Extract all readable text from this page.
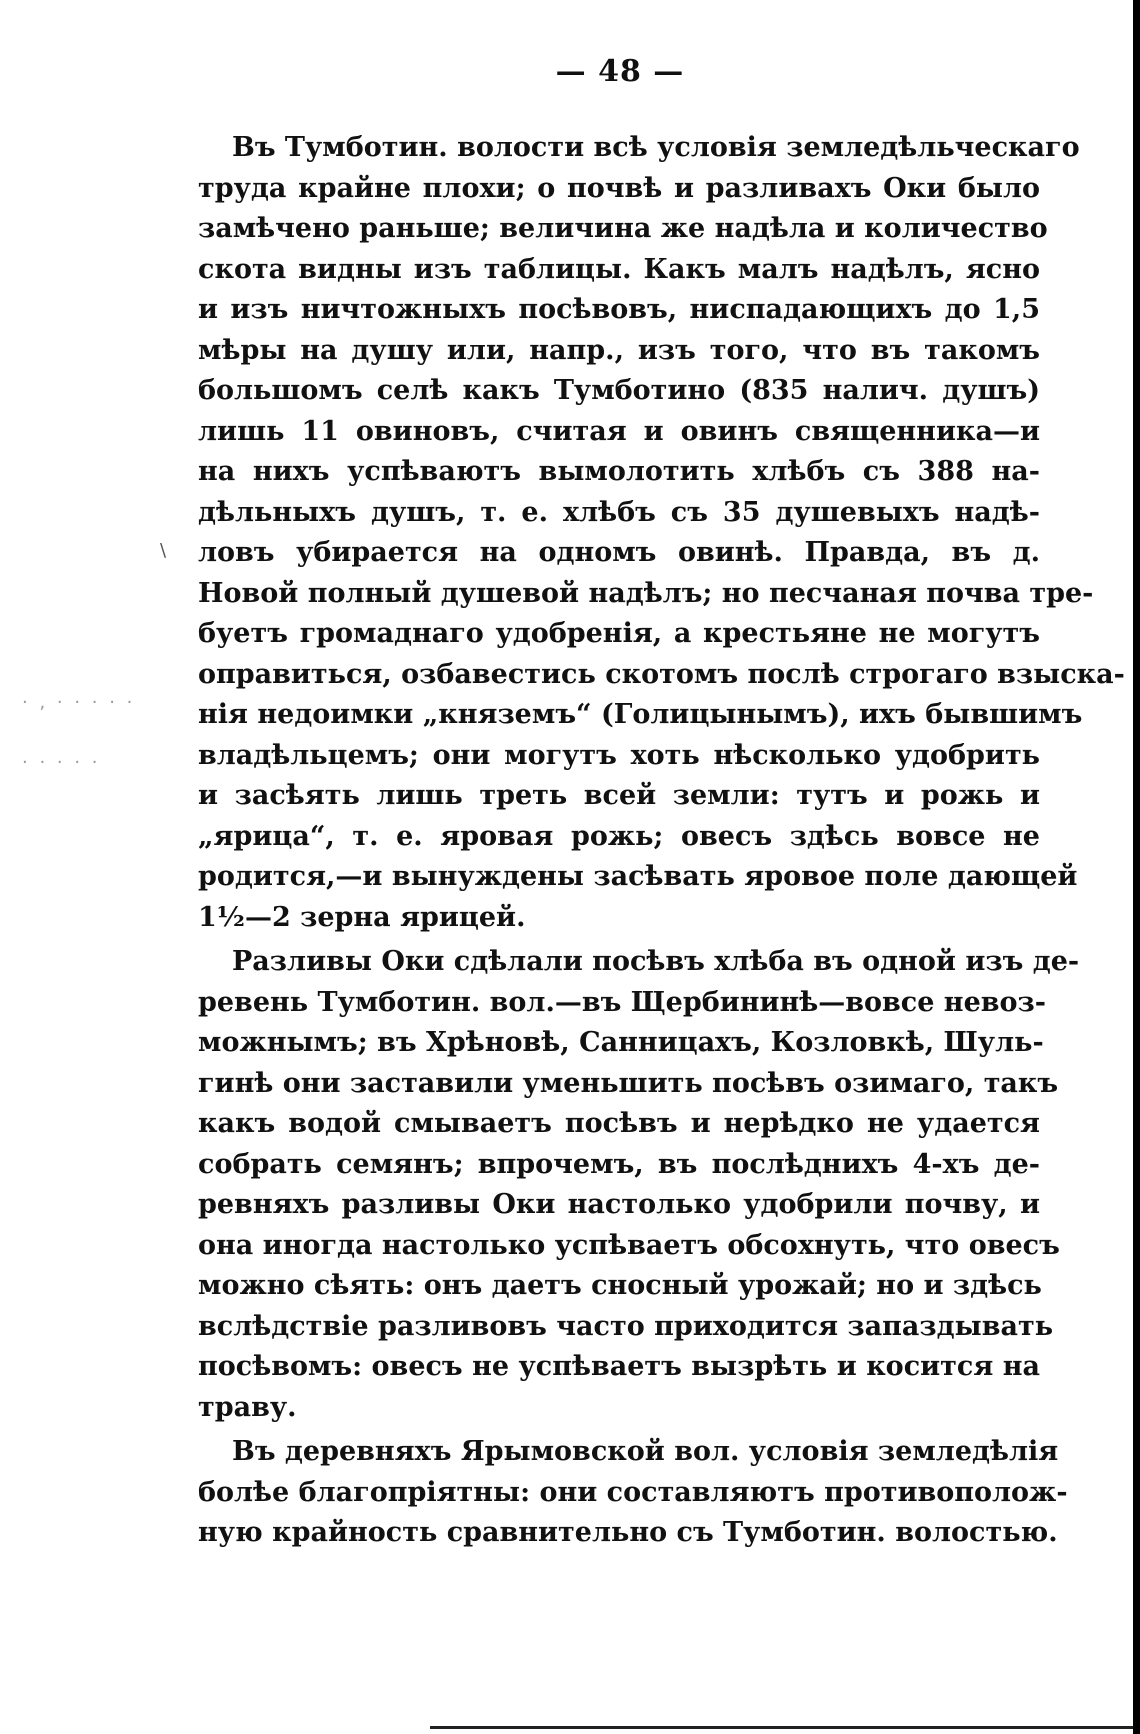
— 48 —
Въ Тумботин. волости всѣ условія земледѣльческаго
труда крайне плохи; о почвѣ и разливахъ Оки было
замѣчено раньше; величина же надѣла и количество
скота видны изъ таблицы. Какъ малъ надѣлъ, ясно
и изъ ничтожныхъ посѣвовъ, ниспадающихъ до 1,5
мѣры на душу или, напр., изъ того, что въ такомъ
большомъ селѣ какъ Тумботино (835 налич. душъ)
лишь 11 овиновъ, считая и овинъ священника—и
на нихъ успѣваютъ вымолотить хлѣбъ съ 388 на-
дѣльныхъ душъ, т. е. хлѣбъ съ 35 душевыхъ надѣ-
ловъ убирается на одномъ овинѣ. Правда, въ д.
Новой полный душевой надѣлъ; но песчаная почва тре-
буетъ громаднаго удобренія, а крестьяне не могутъ
оправиться, озбавестись скотомъ послѣ строгаго взыска-
нія недоимки „княземъ“ (Голицынымъ), ихъ бывшимъ
владѣльцемъ; они могутъ хоть нѣсколько удобрить
и засѣять лишь треть всей земли: тутъ и рожь и
„ярица“, т. е. яровая рожь; овесъ здѣсь вовсе не
родится,—и вынуждены засѣвать яровое поле дающей
1½—2 зерна ярицей.
Разливы Оки сдѣлали посѣвъ хлѣба въ одной изъ де-
ревень Тумботин. вол.—въ Щербининѣ—вовсе невоз-
можнымъ; въ Хрѣновѣ, Санницахъ, Козловкѣ, Шуль-
гинѣ они заставили уменьшить посѣвъ озимаго, такъ
какъ водой смываетъ посѣвъ и нерѣдко не удается
собрать семянъ; впрочемъ, въ послѣднихъ 4-хъ де-
ревняхъ разливы Оки настолько удобрили почву, и
она иногда настолько успѣваетъ обсохнуть, что овесъ
можно сѣять: онъ даетъ сносный урожай; но и здѣсь
вслѣдствіе разливовъ часто приходится запаздывать
посѣвомъ: овесъ не успѣваетъ вызрѣть и косится на
траву.
Въ деревняхъ Ярымовской вол. условія земледѣлія
болѣе благопріятны: они составляютъ противополож-
ную крайность сравнительно съ Тумботин. волостью.
· , · · · · ·
· · · · ·
\
